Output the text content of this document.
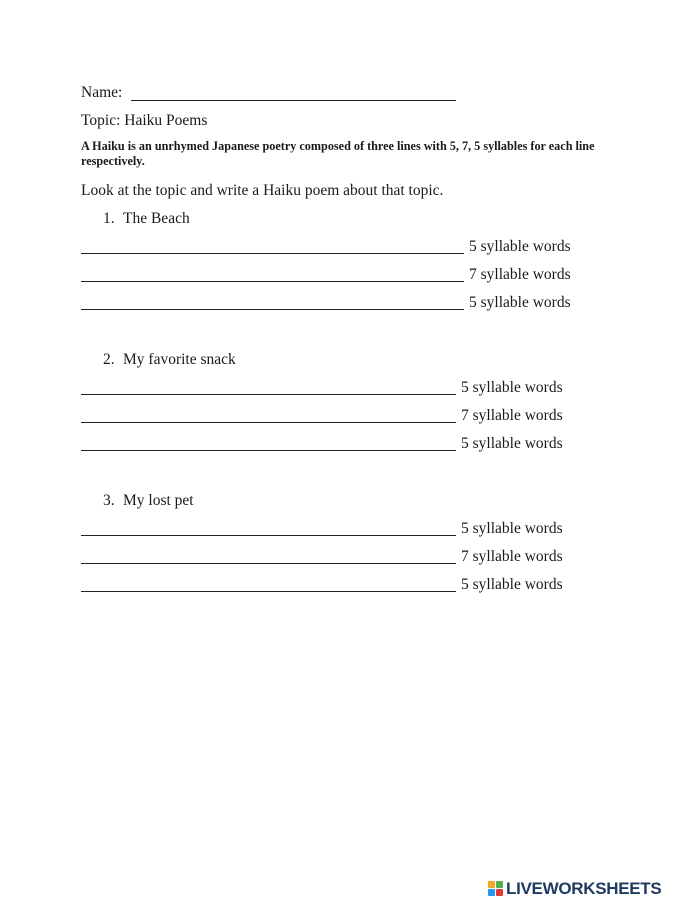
Name:
Topic: Haiku Poems
A Haiku is an unrhymed Japanese poetry composed of three lines with 5, 7, 5 syllables for each line respectively.
Look at the topic and write a Haiku poem about that topic.
1. The Beach
5 syllable words
7 syllable words
5 syllable words
2. My favorite snack
5 syllable words
7 syllable words
5 syllable words
3. My lost pet
5 syllable words
7 syllable words
5 syllable words
LIVEWORKSHEETS
